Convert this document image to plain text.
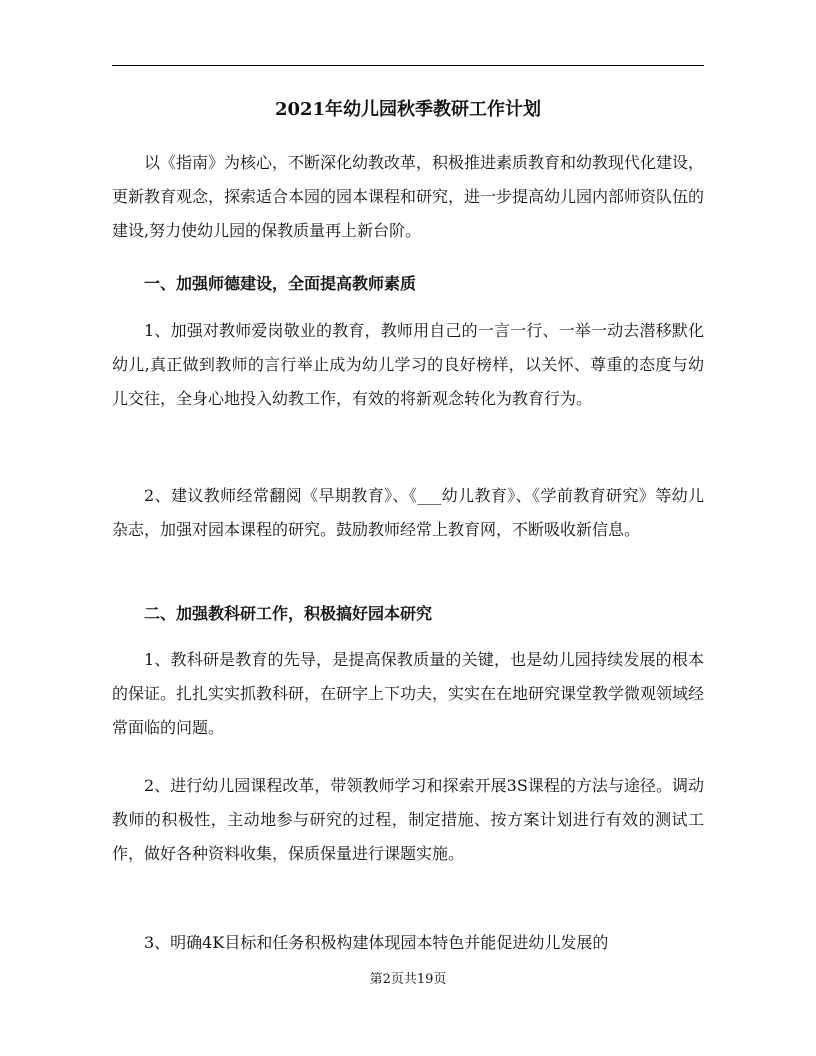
2021年幼儿园秋季教研工作计划

以《指南》为核心，不断深化幼教改革，积极推进素质教育和幼教现代化建设，更新教育观念，探索适合本园的园本课程和研究，进一步提高幼儿园内部师资队伍的建设,努力使幼儿园的保教质量再上新台阶。

一、加强师德建设，全面提高教师素质

1、加强对教师爱岗敬业的教育，教师用自己的一言一行、一举一动去潜移默化幼儿,真正做到教师的言行举止成为幼儿学习的良好榜样，以关怀、尊重的态度与幼儿交往，全身心地投入幼教工作，有效的将新观念转化为教育行为。

2、建议教师经常翻阅《早期教育》、《___幼儿教育》、《学前教育研究》等幼儿杂志，加强对园本课程的研究。鼓励教师经常上教育网，不断吸收新信息。

二、加强教科研工作，积极搞好园本研究

1、教科研是教育的先导，是提高保教质量的关键，也是幼儿园持续发展的根本的保证。扎扎实实抓教科研，在研字上下功夫，实实在在地研究课堂教学微观领域经常面临的问题。

2、进行幼儿园课程改革，带领教师学习和探索开展3S课程的方法与途径。调动教师的积极性，主动地参与研究的过程，制定措施、按方案计划进行有效的测试工作，做好各种资料收集，保质保量进行课题实施。

3、明确4K目标和任务积极构建体现园本特色并能促进幼儿发展的

第2页共19页
